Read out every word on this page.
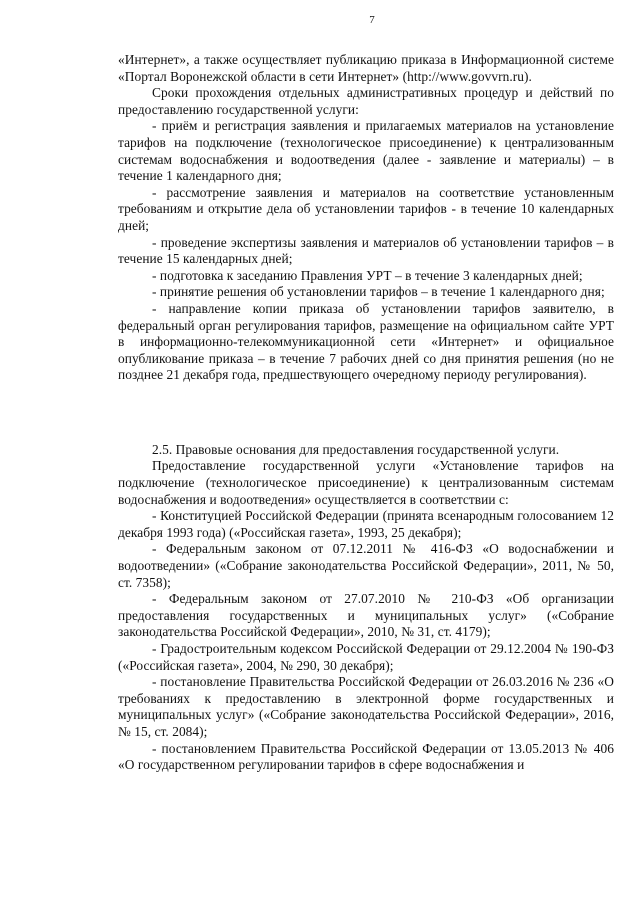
7

«Интернет», а также осуществляет публикацию приказа в Информационной системе «Портал Воронежской области в сети Интернет» (http://www.govvrn.ru).

Сроки прохождения отдельных административных процедур и действий по предоставлению государственной услуги:

- приём и регистрация заявления и прилагаемых материалов на установление тарифов на подключение (технологическое присоединение) к централизованным системам водоснабжения и водоотведения (далее - заявление и материалы) – в течение 1 календарного дня;

- рассмотрение заявления и материалов на соответствие установленным требованиям и открытие дела об установлении тарифов - в течение 10 календарных дней;

- проведение экспертизы заявления и материалов об установлении тарифов – в течение 15 календарных дней;

- подготовка к заседанию Правления УРТ – в течение 3 календарных дней;

- принятие решения об установлении тарифов – в течение 1 календарного дня;

- направление копии приказа об установлении тарифов заявителю, в федеральный орган регулирования тарифов, размещение на официальном сайте УРТ в информационно-телекоммуникационной сети «Интернет» и официальное опубликование приказа – в течение 7 рабочих дней со дня принятия решения (но не позднее 21 декабря года, предшествующего очередному периоду регулирования).

2.5. Правовые основания для предоставления государственной услуги.

Предоставление государственной услуги «Установление тарифов на подключение (технологическое присоединение) к централизованным системам водоснабжения и водоотведения» осуществляется в соответствии с:

- Конституцией Российской Федерации (принята всенародным голосованием 12 декабря 1993 года) («Российская газета», 1993, 25 декабря);

- Федеральным законом от 07.12.2011 № 416-ФЗ «О водоснабжении и водоотведении» («Собрание законодательства Российской Федерации», 2011, № 50, ст. 7358);

- Федеральным законом от 27.07.2010 № 210-ФЗ «Об организации предоставления государственных и муниципальных услуг» («Собрание законодательства Российской Федерации», 2010, № 31, ст. 4179);

- Градостроительным кодексом Российской Федерации от 29.12.2004 № 190-ФЗ («Российская газета», 2004, № 290, 30 декабря);

- постановление Правительства Российской Федерации от 26.03.2016 № 236 «О требованиях к предоставлению в электронной форме государственных и муниципальных услуг» («Собрание законодательства Российской Федерации», 2016, № 15, ст. 2084);

- постановлением Правительства Российской Федерации от 13.05.2013 № 406 «О государственном регулировании тарифов в сфере водоснабжения и
